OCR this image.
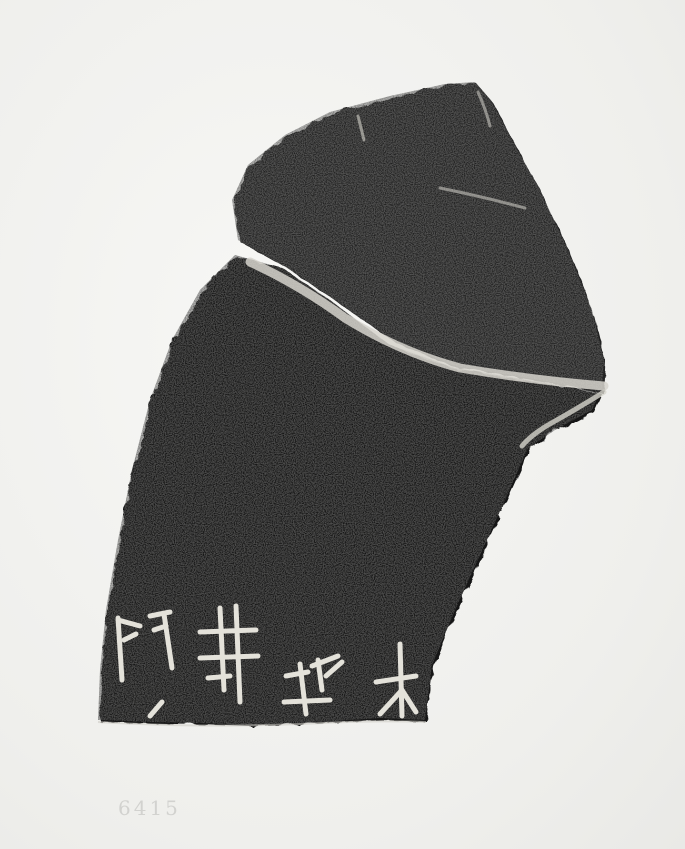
6415
